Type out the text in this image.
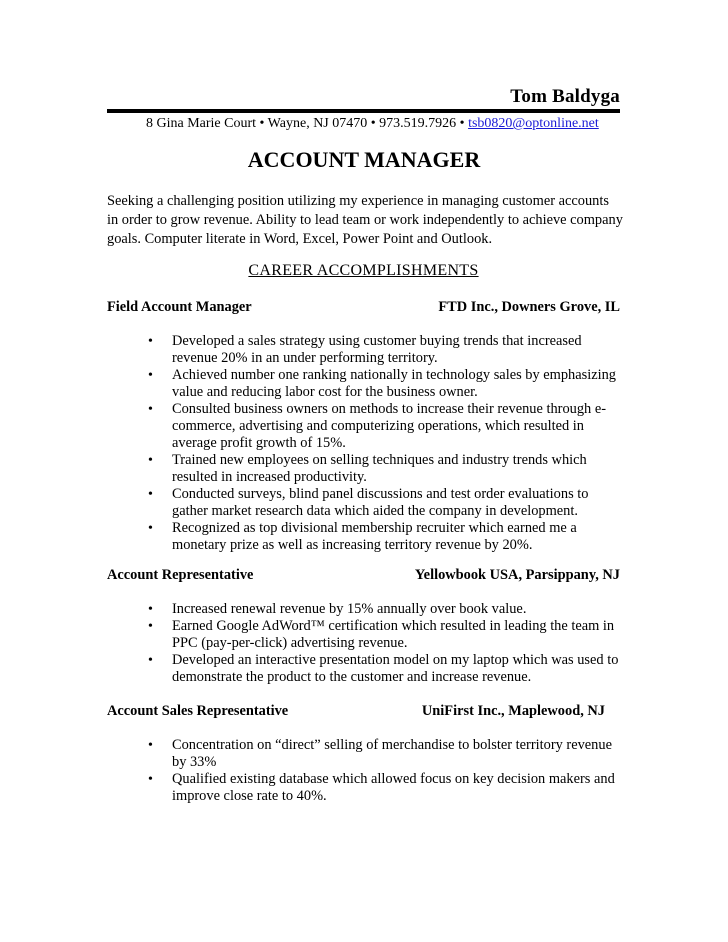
Tom Baldyga
8 Gina Marie Court • Wayne, NJ 07470 • 973.519.7926 • tsb0820@optonline.net
ACCOUNT MANAGER
Seeking a challenging position utilizing my experience in managing customer accounts in order to grow revenue. Ability to lead team or work independently to achieve company goals. Computer literate in Word, Excel, Power Point and Outlook.
CAREER ACCOMPLISHMENTS
Field Account Manager	FTD Inc., Downers Grove, IL
• Developed a sales strategy using customer buying trends that increased revenue 20% in an under performing territory.
• Achieved number one ranking nationally in technology sales by emphasizing value and reducing labor cost for the business owner.
• Consulted business owners on methods to increase their revenue through e-commerce, advertising and computerizing operations, which resulted in average profit growth of 15%.
• Trained new employees on selling techniques and industry trends which resulted in increased productivity.
• Conducted surveys, blind panel discussions and test order evaluations to gather market research data which aided the company in development.
• Recognized as top divisional membership recruiter which earned me a monetary prize as well as increasing territory revenue by 20%.
Account Representative	Yellowbook USA, Parsippany, NJ
• Increased renewal revenue by 15% annually over book value.
• Earned Google AdWord™ certification which resulted in leading the team in PPC (pay-per-click) advertising revenue.
• Developed an interactive presentation model on my laptop which was used to demonstrate the product to the customer and increase revenue.
Account Sales Representative	UniFirst Inc., Maplewood, NJ
• Concentration on “direct” selling of merchandise to bolster territory revenue by 33%
• Qualified existing database which allowed focus on key decision makers and improve close rate to 40%.
